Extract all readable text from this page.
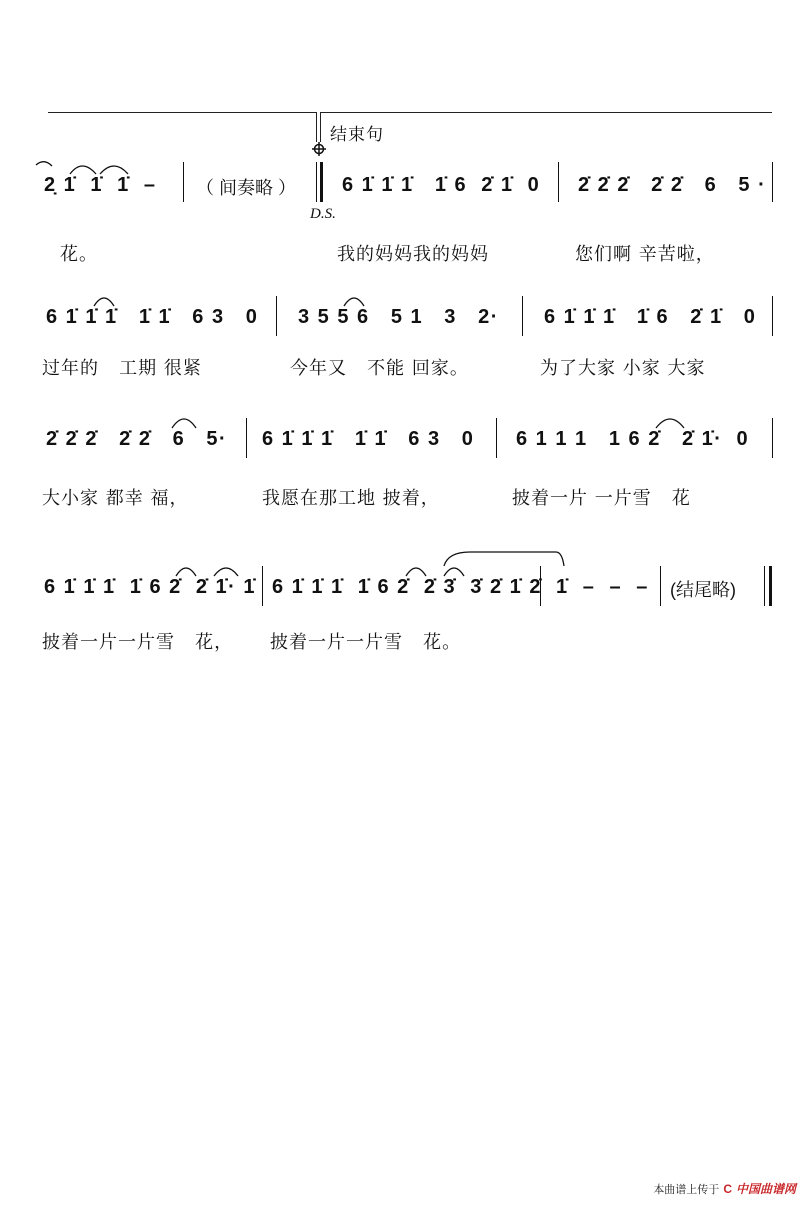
结束句
2̣ 1̇  1̇  1̇  – （ 间奏略 ）
D.S.
6 1̇ 1̇ 1̇   1̇ 6  2̇ 1̇  0 2̇ 2̇ 2̇   2̇ 2̇   6   5 ·
花。	我的妈妈我的妈妈	您们啊 辛苦啦，
6 1̇ 1̇ 1̇   1̇ 1̇   6 3   0 3 5 5 6   5 1   3   2· 6 1̇ 1̇ 1̇   1̇ 6   2̇ 1̇   0
过年的   工期 很紧	今年又   不能 回家。	为了大家 小家 大家
2̇ 2̇ 2̇   2̇ 2̇   6   5· 6 1̇ 1̇ 1̇   1̇ 1̇   6 3   0 6 1 1 1   1 6 2̇   2̇ 1̇·  0
大小家 都幸 福，	我愿在那工地 披着，	披着一片 一片雪   花
6 1̇ 1̇ 1̇  1̇ 6 2̇  2̇ 1̇· 1̇ 6 1̇ 1̇ 1̇  1̇ 6 2̇  2̇ 3̇  3̇ 2̇ 1̇ 2̇ 1̇  –  –  – (结尾略)
披着一片一片雪   花， 披着一片一片雪   花。
本曲谱上传于 C 中国曲谱网
